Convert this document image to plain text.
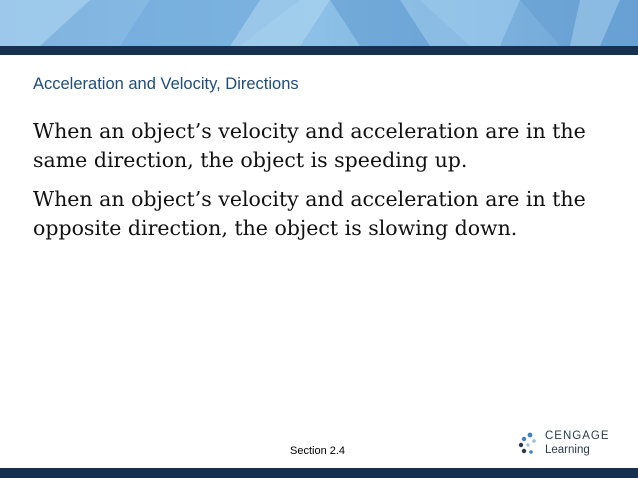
Acceleration and Velocity, Directions

When an object’s velocity and acceleration are in the same direction, the object is speeding up.

When an object’s velocity and acceleration are in the opposite direction, the object is slowing down.

Section 2.4
CENGAGE
Learning
